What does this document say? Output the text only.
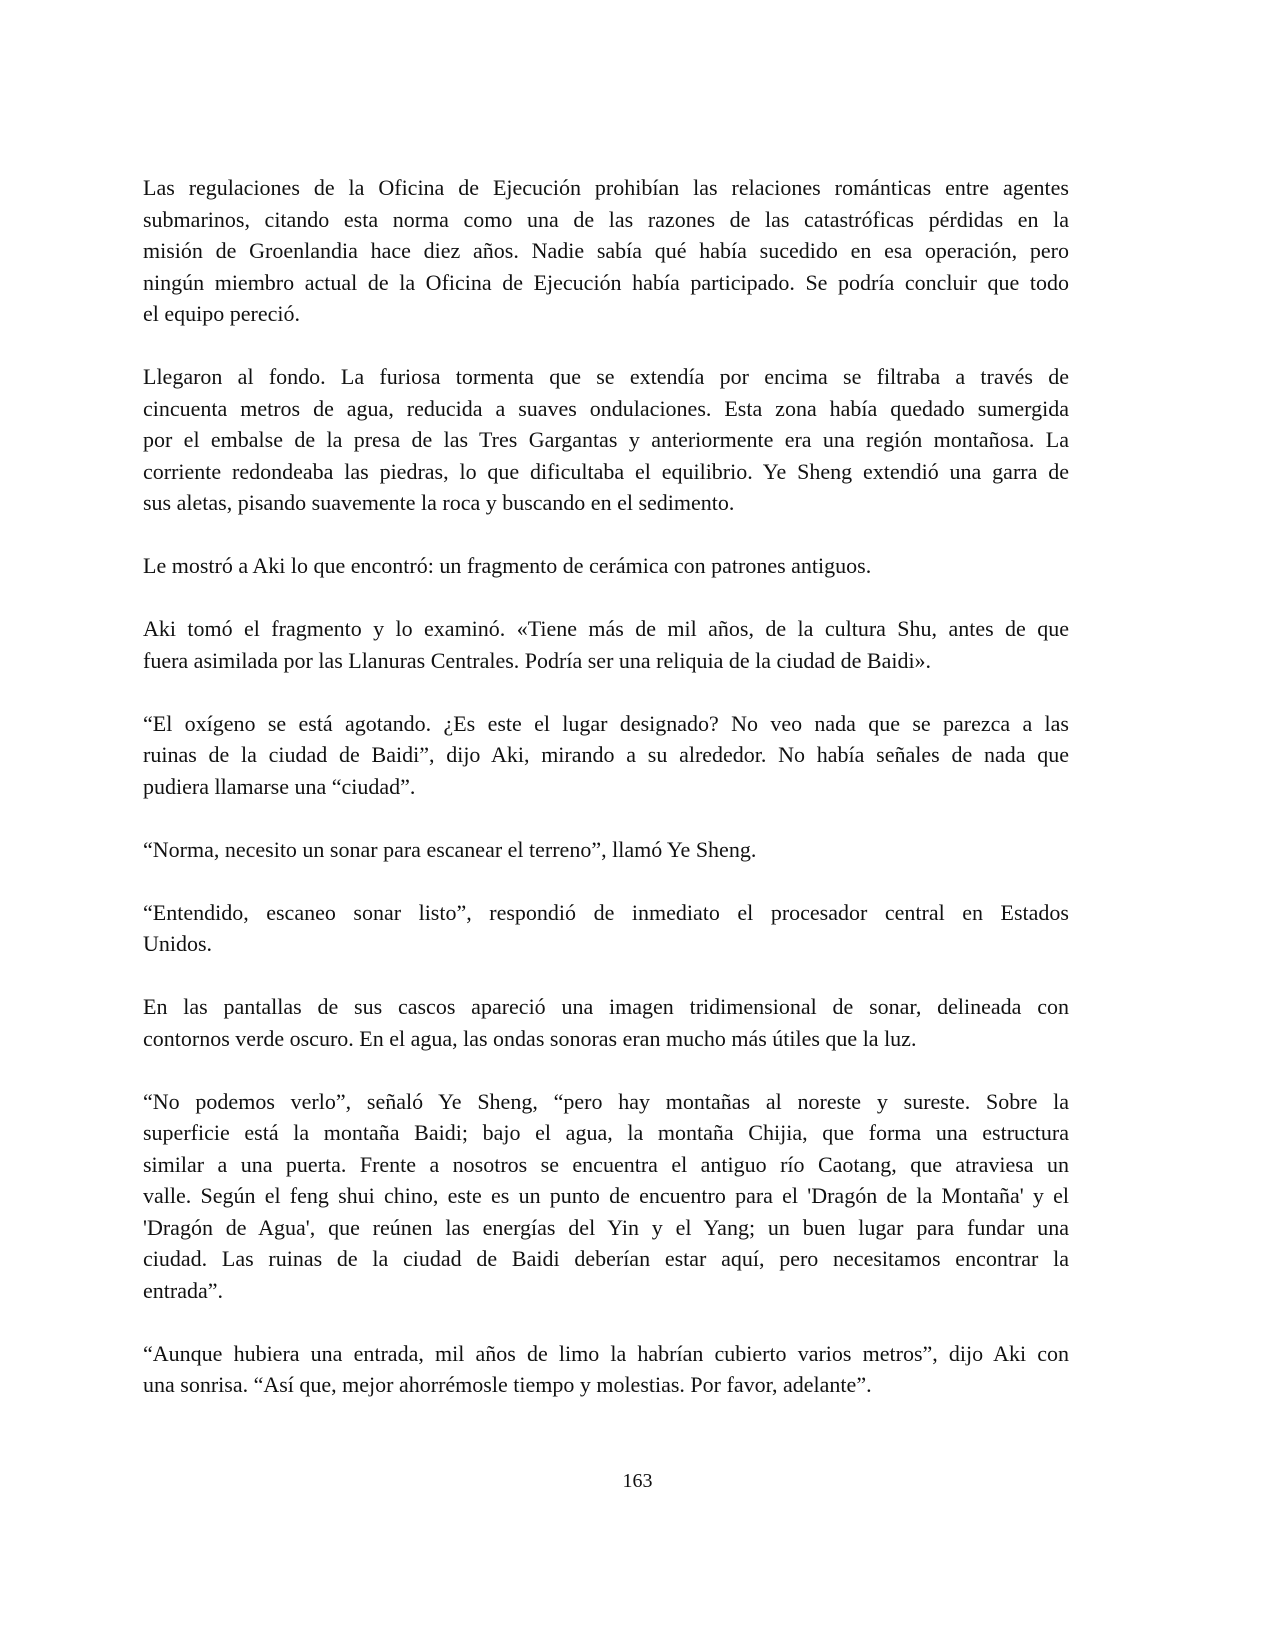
Las regulaciones de la Oficina de Ejecución prohibían las relaciones románticas entre agentes
submarinos, citando esta norma como una de las razones de las catastróficas pérdidas en la
misión de Groenlandia hace diez años. Nadie sabía qué había sucedido en esa operación, pero
ningún miembro actual de la Oficina de Ejecución había participado. Se podría concluir que todo
el equipo pereció.
Llegaron al fondo. La furiosa tormenta que se extendía por encima se filtraba a través de
cincuenta metros de agua, reducida a suaves ondulaciones. Esta zona había quedado sumergida
por el embalse de la presa de las Tres Gargantas y anteriormente era una región montañosa. La
corriente redondeaba las piedras, lo que dificultaba el equilibrio. Ye Sheng extendió una garra de
sus aletas, pisando suavemente la roca y buscando en el sedimento.
Le mostró a Aki lo que encontró: un fragmento de cerámica con patrones antiguos.
Aki tomó el fragmento y lo examinó. «Tiene más de mil años, de la cultura Shu, antes de que
fuera asimilada por las Llanuras Centrales. Podría ser una reliquia de la ciudad de Baidi».
“El oxígeno se está agotando. ¿Es este el lugar designado? No veo nada que se parezca a las
ruinas de la ciudad de Baidi”, dijo Aki, mirando a su alrededor. No había señales de nada que
pudiera llamarse una “ciudad”.
“Norma, necesito un sonar para escanear el terreno”, llamó Ye Sheng.
“Entendido, escaneo sonar listo”, respondió de inmediato el procesador central en Estados
Unidos.
En las pantallas de sus cascos apareció una imagen tridimensional de sonar, delineada con
contornos verde oscuro. En el agua, las ondas sonoras eran mucho más útiles que la luz.
“No podemos verlo”, señaló Ye Sheng, “pero hay montañas al noreste y sureste. Sobre la
superficie está la montaña Baidi; bajo el agua, la montaña Chijia, que forma una estructura
similar a una puerta. Frente a nosotros se encuentra el antiguo río Caotang, que atraviesa un
valle. Según el feng shui chino, este es un punto de encuentro para el 'Dragón de la Montaña' y el
'Dragón de Agua', que reúnen las energías del Yin y el Yang; un buen lugar para fundar una
ciudad. Las ruinas de la ciudad de Baidi deberían estar aquí, pero necesitamos encontrar la
entrada”.
“Aunque hubiera una entrada, mil años de limo la habrían cubierto varios metros”, dijo Aki con
una sonrisa. “Así que, mejor ahorrémosle tiempo y molestias. Por favor, adelante”.
163
